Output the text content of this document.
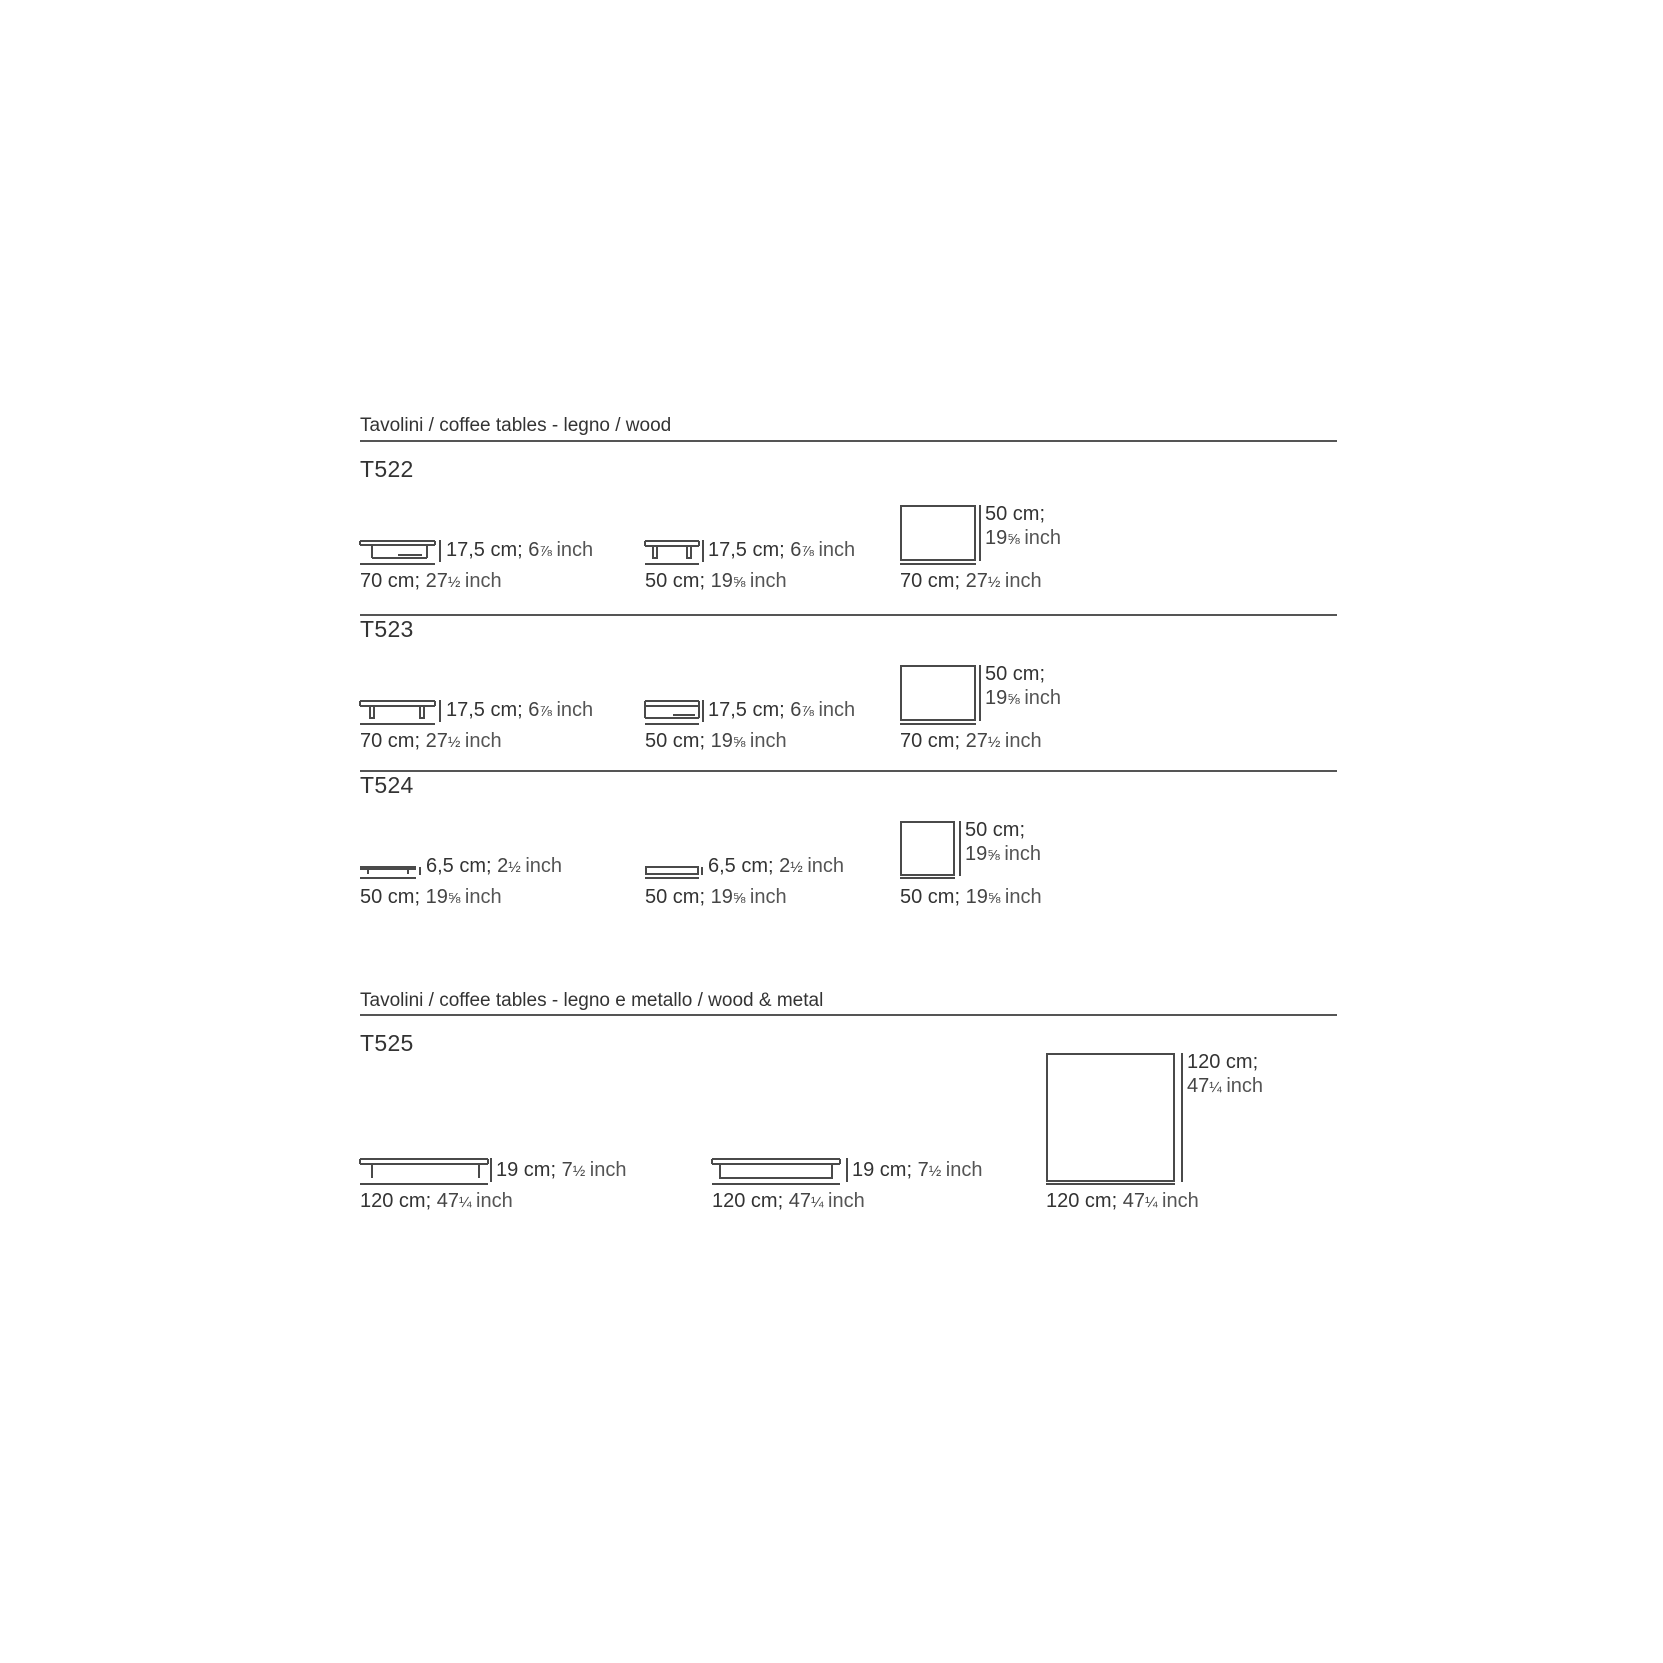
Tavolini / coffee tables - legno / wood
T522
17,5 cm; 6⅞ inch
70 cm; 27½ inch
17,5 cm; 6⅞ inch
50 cm; 19⅝ inch
50 cm;
19⅝ inch
70 cm; 27½ inch
T523
17,5 cm; 6⅞ inch
70 cm; 27½ inch
17,5 cm; 6⅞ inch
50 cm; 19⅝ inch
50 cm;
19⅝ inch
70 cm; 27½ inch
T524
6,5 cm; 2½ inch
50 cm; 19⅝ inch
6,5 cm; 2½ inch
50 cm; 19⅝ inch
50 cm;
19⅝ inch
50 cm; 19⅝ inch
Tavolini / coffee tables - legno e metallo / wood & metal
T525
19 cm; 7½ inch
120 cm; 47¼ inch
19 cm; 7½ inch
120 cm; 47¼ inch
120 cm;
47¼ inch
120 cm; 47¼ inch
